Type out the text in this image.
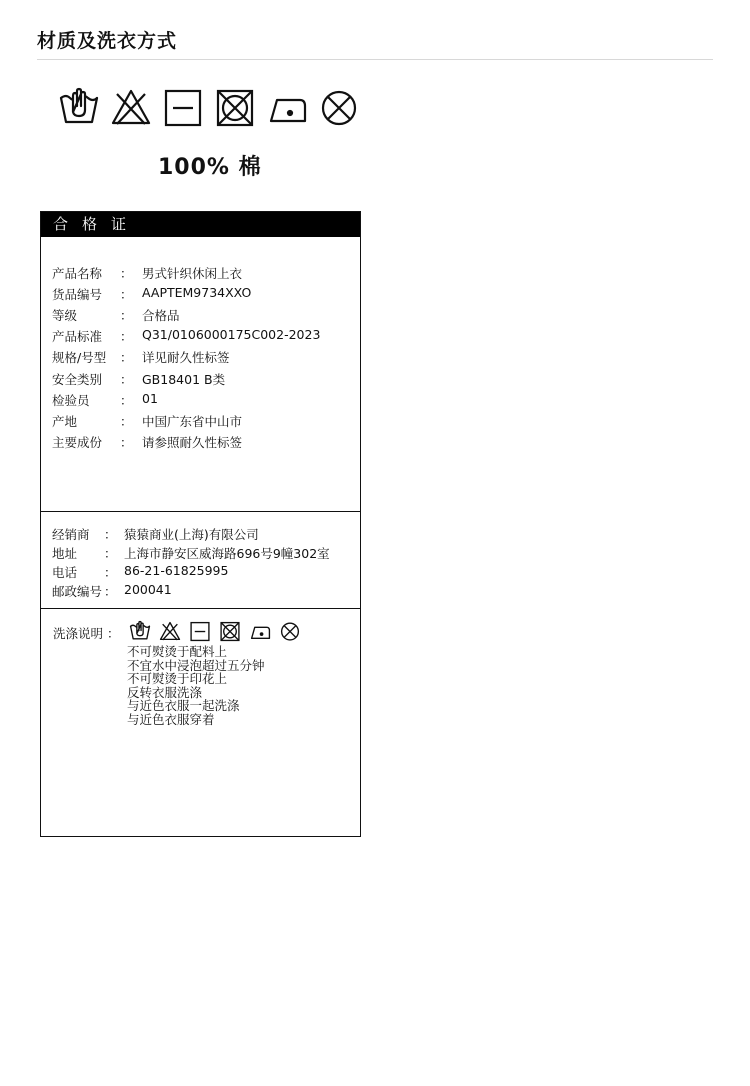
材质及洗衣方式
100% 棉
合格证
产品名称	： 男式针织休闲上衣
货品编号	： AAPTEM9734XXO
等级	： 合格品
产品标准	： Q31/0106000175C002-2023
规格/号型	： 详见耐久性标签
安全类别	： GB18401 B类
检验员	： 01
产地	： 中国广东省中山市
主要成份	： 请参照耐久性标签
经销商	： 猿猿商业(上海)有限公司
地址	： 上海市静安区威海路696号9幢302室
电话	： 86-21-61825995
邮政编号 ： 200041
洗涤说明 ：
不可熨烫于配料上
不宜水中浸泡超过五分钟
不可熨烫于印花上
反转衣服洗涤
与近色衣服一起洗涤
与近色衣服穿着
